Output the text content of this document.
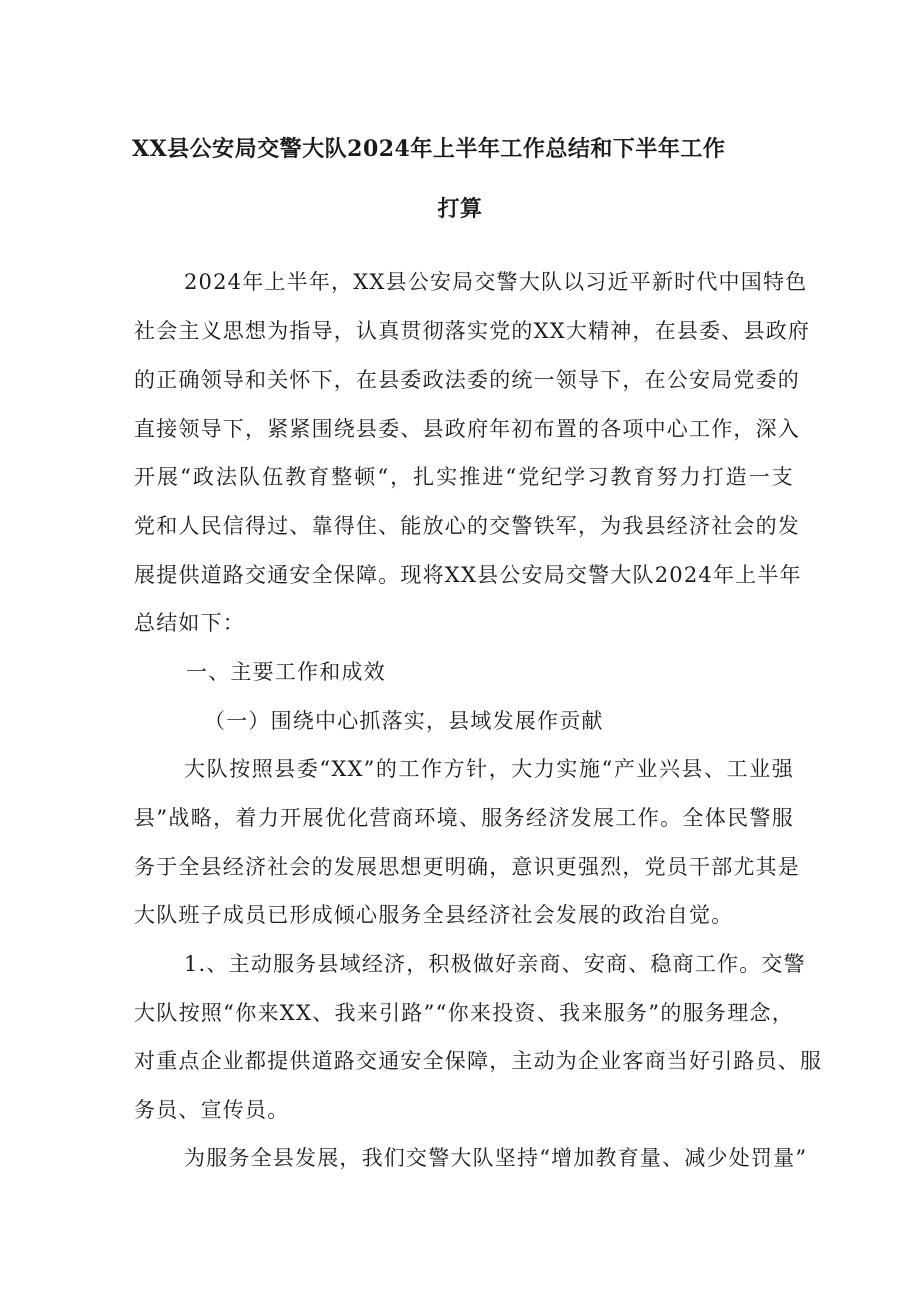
XX县公安局交警大队2024年上半年工作总结和下半年工作
打算
2024年上半年，XX县公安局交警大队以习近平新时代中国特色
社会主义思想为指导，认真贯彻落实党的XX大精神，在县委、县政府
的正确领导和关怀下，在县委政法委的统一领导下，在公安局党委的
直接领导下，紧紧围绕县委、县政府年初布置的各项中心工作，深入
开展“政法队伍教育整顿“，扎实推进“党纪学习教育努力打造一支
党和人民信得过、靠得住、能放心的交警铁军，为我县经济社会的发
展提供道路交通安全保障。现将XX县公安局交警大队2024年上半年
总结如下：
一、主要工作和成效
（一）围绕中心抓落实，县域发展作贡献
大队按照县委“XX”的工作方针，大力实施“产业兴县、工业强
县”战略，着力开展优化营商环境、服务经济发展工作。全体民警服
务于全县经济社会的发展思想更明确，意识更强烈，党员干部尤其是
大队班子成员已形成倾心服务全县经济社会发展的政治自觉。
1.、主动服务县域经济，积极做好亲商、安商、稳商工作。交警
大队按照“你来XX、我来引路”“你来投资、我来服务”的服务理念，
对重点企业都提供道路交通安全保障，主动为企业客商当好引路员、服
务员、宣传员。
为服务全县发展，我们交警大队坚持“增加教育量、减少处罚量”
